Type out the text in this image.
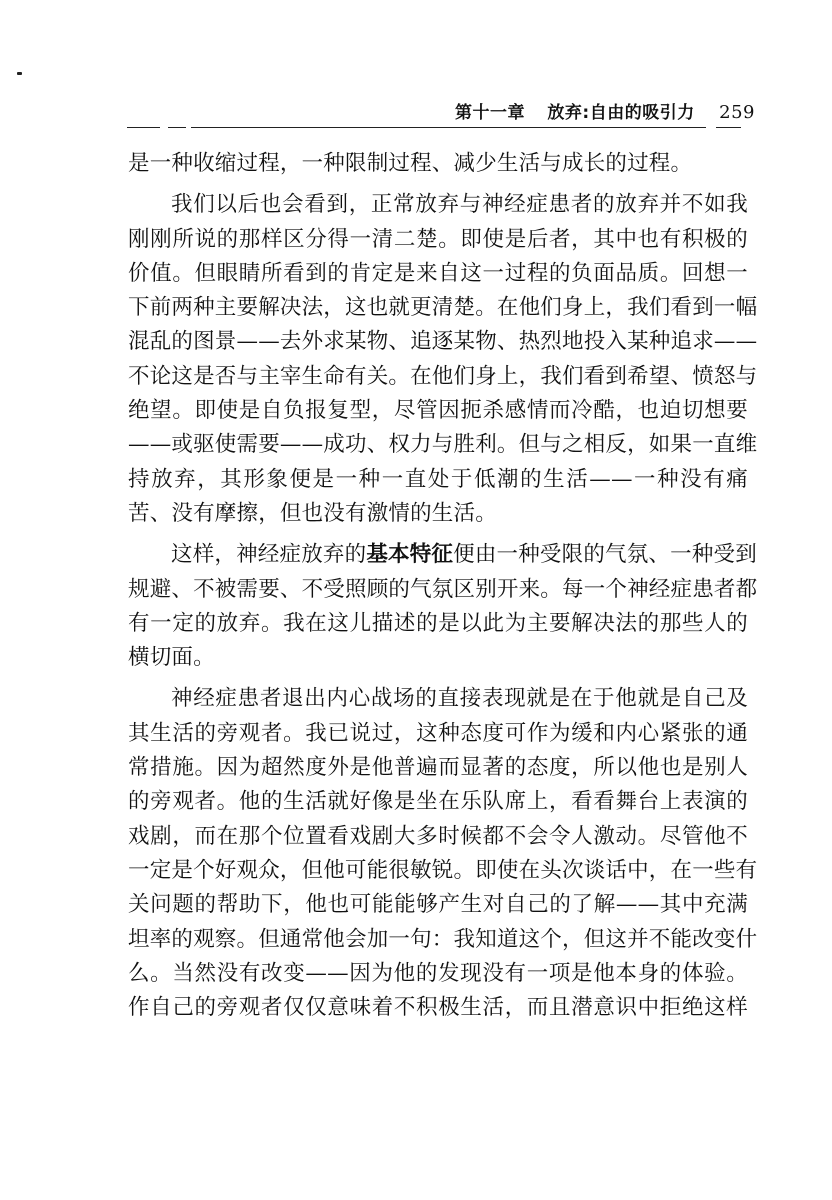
第十一章 放弃:自由的吸引力 259
是一种收缩过程，一种限制过程、减少生活与成长的过程。
我们以后也会看到，正常放弃与神经症患者的放弃并不如我
刚刚所说的那样区分得一清二楚。即使是后者，其中也有积极的
价值。但眼睛所看到的肯定是来自这一过程的负面品质。回想一
下前两种主要解决法，这也就更清楚。在他们身上，我们看到一幅
混乱的图景——去外求某物、追逐某物、热烈地投入某种追求——
不论这是否与主宰生命有关。在他们身上，我们看到希望、愤怒与
绝望。即使是自负报复型，尽管因扼杀感情而冷酷，也迫切想要
——或驱使需要——成功、权力与胜利。但与之相反，如果一直维
持放弃，其形象便是一种一直处于低潮的生活——一种没有痛
苦、没有摩擦，但也没有激情的生活。
这样，神经症放弃的基本特征便由一种受限的气氛、一种受到
规避、不被需要、不受照顾的气氛区别开来。每一个神经症患者都
有一定的放弃。我在这儿描述的是以此为主要解决法的那些人的
横切面。
神经症患者退出内心战场的直接表现就是在于他就是自己及
其生活的旁观者。我已说过，这种态度可作为缓和内心紧张的通
常措施。因为超然度外是他普遍而显著的态度，所以他也是别人
的旁观者。他的生活就好像是坐在乐队席上，看看舞台上表演的
戏剧，而在那个位置看戏剧大多时候都不会令人激动。尽管他不
一定是个好观众，但他可能很敏锐。即使在头次谈话中，在一些有
关问题的帮助下，他也可能能够产生对自己的了解——其中充满
坦率的观察。但通常他会加一句：我知道这个，但这并不能改变什
么。当然没有改变——因为他的发现没有一项是他本身的体验。
作自己的旁观者仅仅意味着不积极生活，而且潜意识中拒绝这样
